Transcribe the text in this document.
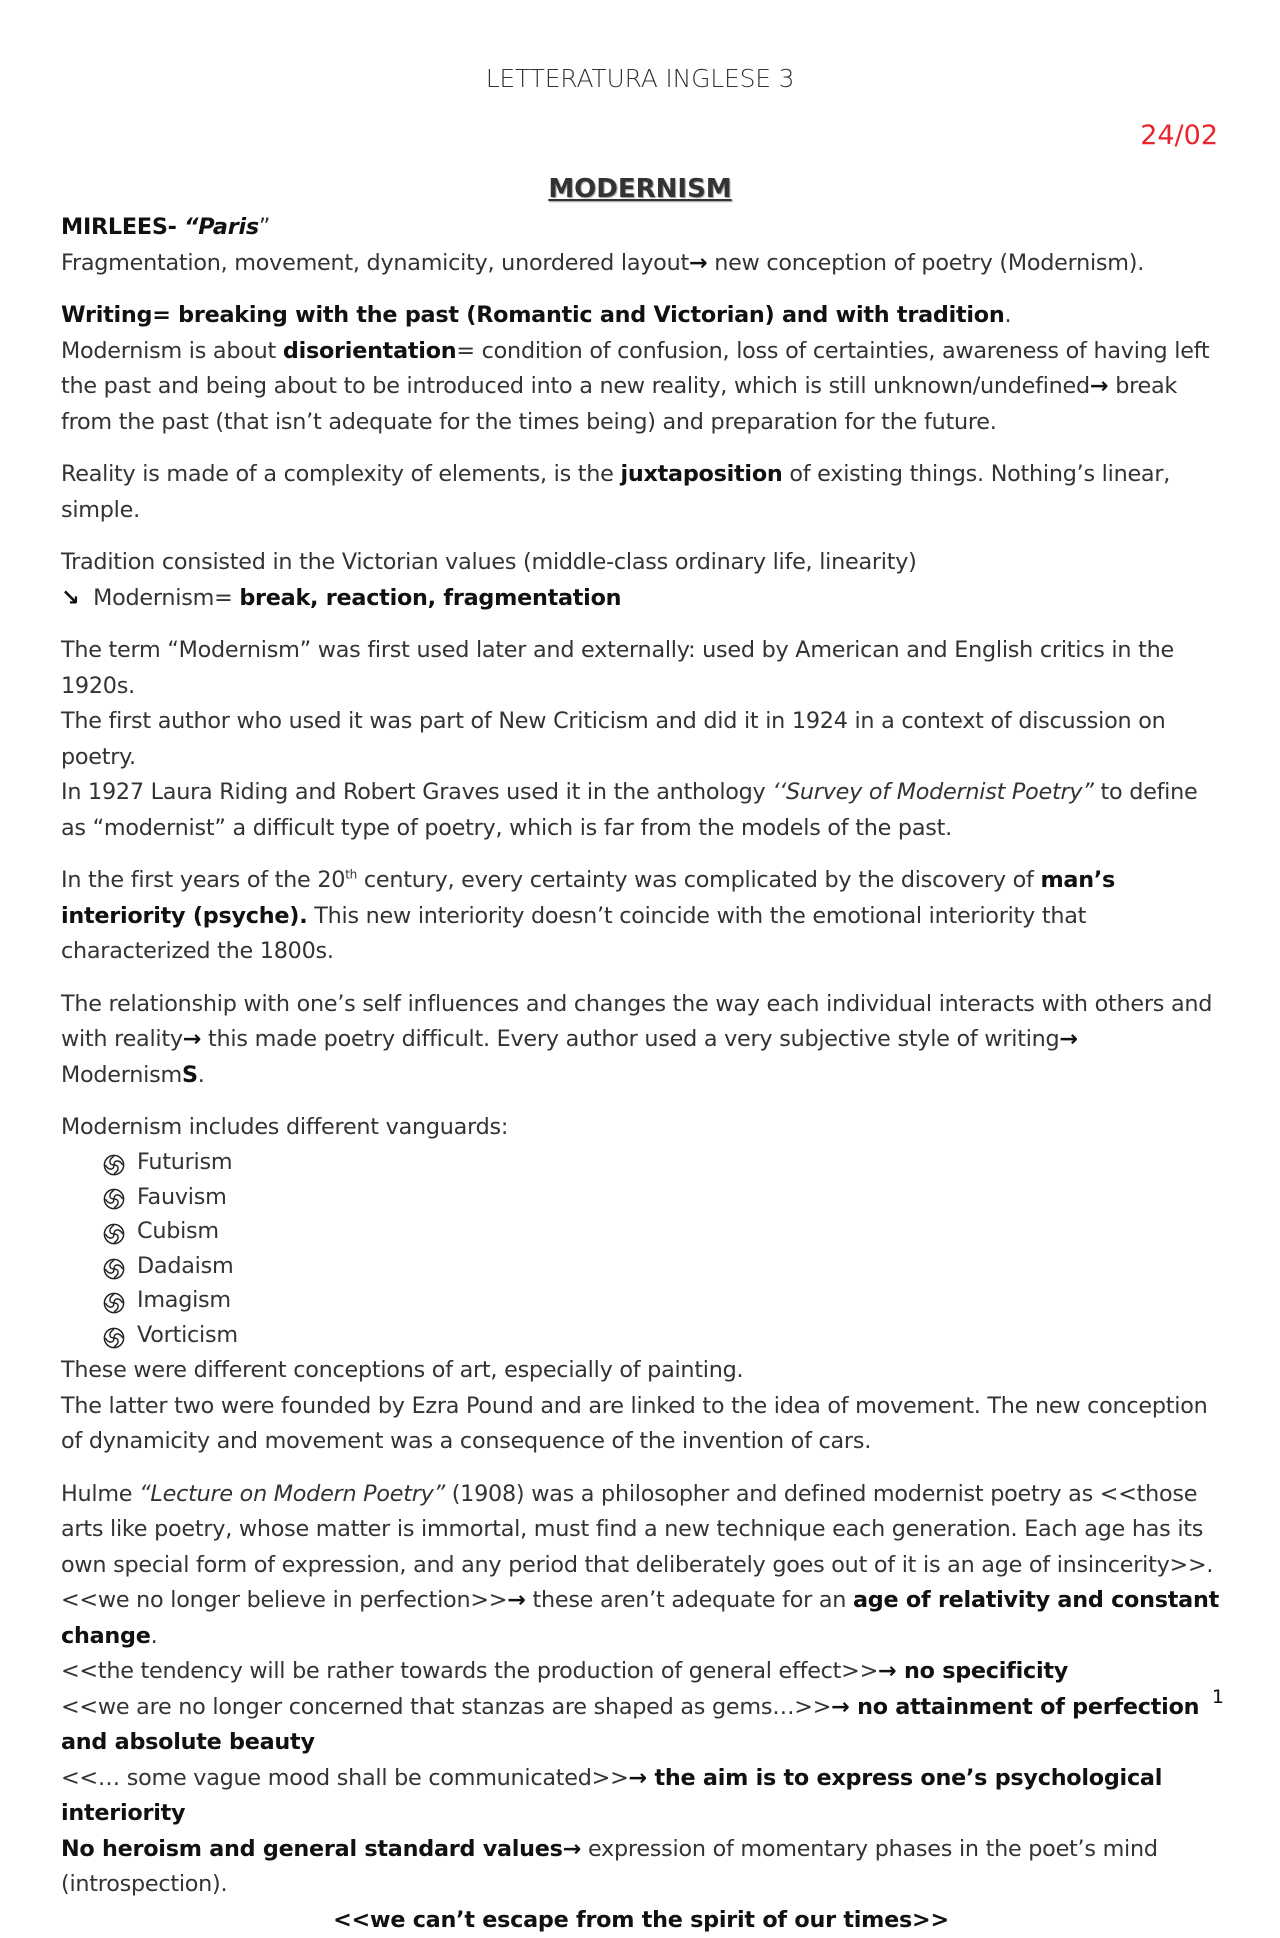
LETTERATURA INGLESE 3
24/02
MODERNISM

MIRLEES- “Paris”

Fragmentation, movement, dynamicity, unordered layout→ new conception of poetry (Modernism).

Writing= breaking with the past (Romantic and Victorian) and with tradition.

Modernism is about disorientation= condition of confusion, loss of certainties, awareness of having left the past and being about to be introduced into a new reality, which is still unknown/undefined→ break from the past (that isn’t adequate for the times being) and preparation for the future.

Reality is made of a complexity of elements, is the juxtaposition of existing things. Nothing’s linear, simple.

Tradition consisted in the Victorian values (middle-class ordinary life, linearity)

↘ Modernism= break, reaction, fragmentation

The term “Modernism” was first used later and externally: used by American and English critics in the 1920s.

The first author who used it was part of New Criticism and did it in 1924 in a context of discussion on poetry.

In 1927 Laura Riding and Robert Graves used it in the anthology ‘‘Survey of Modernist Poetry” to define as “modernist” a difficult type of poetry, which is far from the models of the past.

In the first years of the 20th century, every certainty was complicated by the discovery of man’s interiority (psyche). This new interiority doesn’t coincide with the emotional interiority that characterized the 1800s.

The relationship with one’s self influences and changes the way each individual interacts with others and with reality→ this made poetry difficult. Every author used a very subjective style of writing→ ModernismS.

Modernism includes different vanguards:

Futurism
Fauvism
Cubism
Dadaism
Imagism
Vorticism

These were different conceptions of art, especially of painting.

The latter two were founded by Ezra Pound and are linked to the idea of movement. The new conception of dynamicity and movement was a consequence of the invention of cars.

Hulme “Lecture on Modern Poetry” (1908) was a philosopher and defined modernist poetry as <<those arts like poetry, whose matter is immortal, must find a new technique each generation. Each age has its own special form of expression, and any period that deliberately goes out of it is an age of insincerity>>. <<we no longer believe in perfection>>→ these aren’t adequate for an age of relativity and constant change.

<<the tendency will be rather towards the production of general effect>>→ no specificity

<<we are no longer concerned that stanzas are shaped as gems…>>→ no attainment of perfection and absolute beauty

<<… some vague mood shall be communicated>>→ the aim is to express one’s psychological interiority

No heroism and general standard values→ expression of momentary phases in the poet’s mind (introspection).

<<we can’t escape from the spirit of our times>>

1
